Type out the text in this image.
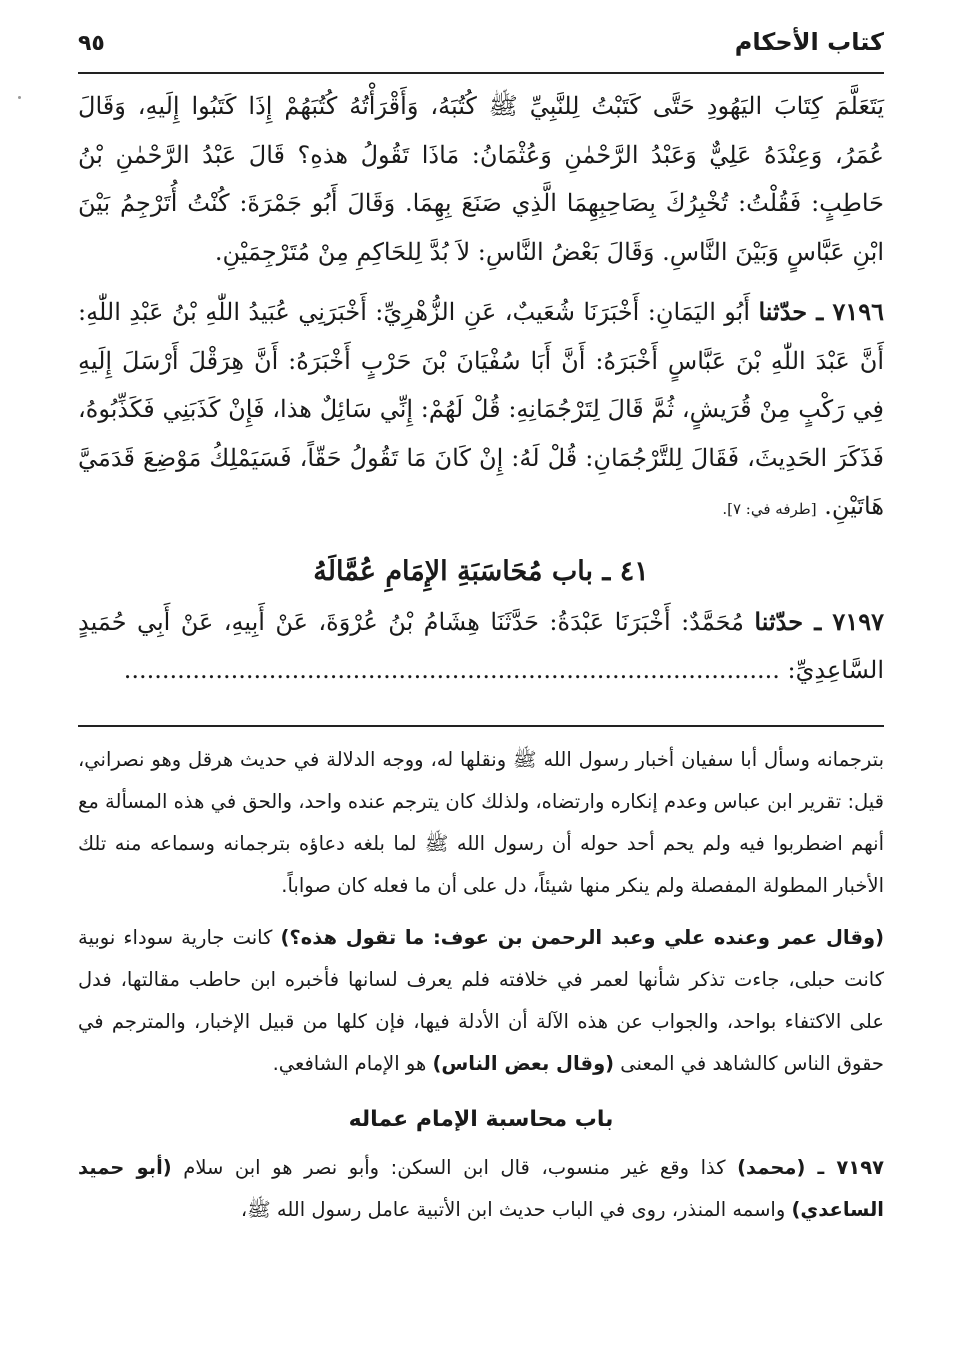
كتاب الأحكام
٩٥

يَتَعَلَّمَ كِتَابَ اليَهُودِ حَتَّى كَتَبْتُ لِلنَّبِيِّ ﷺ كُتُبَهُ، وَأَقْرَأْتُهُ كُتُبَهُمْ إِذَا كَتَبُوا إِلَيهِ، وَقَالَ عُمَرُ، وَعِنْدَهُ عَلِيٌّ وَعَبْدُ الرَّحْمٰنِ وَعُثْمَانُ: مَاذَا تَقُولُ هذهِ؟ قَالَ عَبْدُ الرَّحْمٰنِ بْنُ حَاطِبٍ: فَقُلْتُ: تُخْبِرُكَ بِصَاحِبِهِمَا الَّذِي صَنَعَ بِهِمَا. وَقَالَ أَبُو جَمْرَةَ: كُنْتُ أُتَرْجِمُ بَيْنَ ابْنِ عَبَّاسٍ وَبَيْنَ النَّاسِ. وَقَالَ بَعْضُ النَّاسِ: لاَ بُدَّ لِلحَاكِمِ مِنْ مُتَرْجِمَيْنِ.

٧١٩٦ ـ حدّثنا أَبُو اليَمَانِ: أَخْبَرَنَا شُعَيبٌ، عَنِ الزُّهْرِيِّ: أَخْبَرَنِي عُبَيدُ اللّٰهِ بْنُ عَبْدِ اللّٰهِ: أَنَّ عَبْدَ اللّٰهِ بْنَ عَبَّاسٍ أَخْبَرَهُ: أَنَّ أَبَا سُفْيَانَ بْنَ حَرْبٍ أَخْبَرَهُ: أَنَّ هِرَقْلَ أَرْسَلَ إِلَيهِ فِي رَكْبٍ مِنْ قُرَيشٍ، ثُمَّ قَالَ لِتَرْجُمَانِهِ: قُلْ لَهُمْ: إِنِّي سَائِلٌ هذا، فَإِنْ كَذَبَنِي فَكَذِّبُوهُ، فَذَكَرَ الحَدِيثَ، فَقَالَ لِلتَّرْجُمَانِ: قُلْ لَهُ: إِنْ كَانَ مَا تَقُولُ حَقّاً، فَسَيَمْلِكُ مَوْضِعَ قَدَمَيَّ هَاتَيْنِ. [طرفه في: ٧].

٤١ ـ باب مُحَاسَبَةِ الإِمَامِ عُمَّالَهُ

٧١٩٧ ـ حدّثنا مُحَمَّدٌ: أَخْبَرَنَا عَبْدَةُ: حَدَّثَنَا هِشَامُ بْنُ عُرْوَةَ، عَنْ أَبِيهِ، عَنْ أَبِي حُمَيدٍ السَّاعِدِيِّ: ......................................................................................

بترجمانه وسأل أبا سفيان أخبار رسول الله ﷺ ونقلها له، ووجه الدلالة في حديث هرقل وهو نصراني، قيل: تقرير ابن عباس وعدم إنكاره وارتضاه، ولذلك كان يترجم عنده واحد، والحق في هذه المسألة مع أنهم اضطربوا فيه ولم يحم أحد حوله أن رسول الله ﷺ لما بلغه دعاؤه بترجمانه وسماعه منه تلك الأخبار المطولة المفصلة ولم ينكر منها شيئاً، دل على أن ما فعله كان صواباً.

(وقال عمر وعنده علي وعبد الرحمن بن عوف: ما تقول هذه؟) كانت جارية سوداء نوبية كانت حبلى، جاءت تذكر شأنها لعمر في خلافته فلم يعرف لسانها فأخبره ابن حاطب مقالتها، فدل على الاكتفاء بواحد، والجواب عن هذه الآلة أن الأدلة فيها، فإن كلها من قبيل الإخبار، والمترجم في حقوق الناس كالشاهد في المعنى (وقال بعض الناس) هو الإمام الشافعي.

باب محاسبة الإمام عماله

٧١٩٧ ـ (محمد) كذا وقع غير منسوب، قال ابن السكن: وأبو نصر هو ابن سلام (أبو حميد الساعدي) واسمه المنذر، روى في الباب حديث ابن الأتبية عامل رسول الله ﷺ،
